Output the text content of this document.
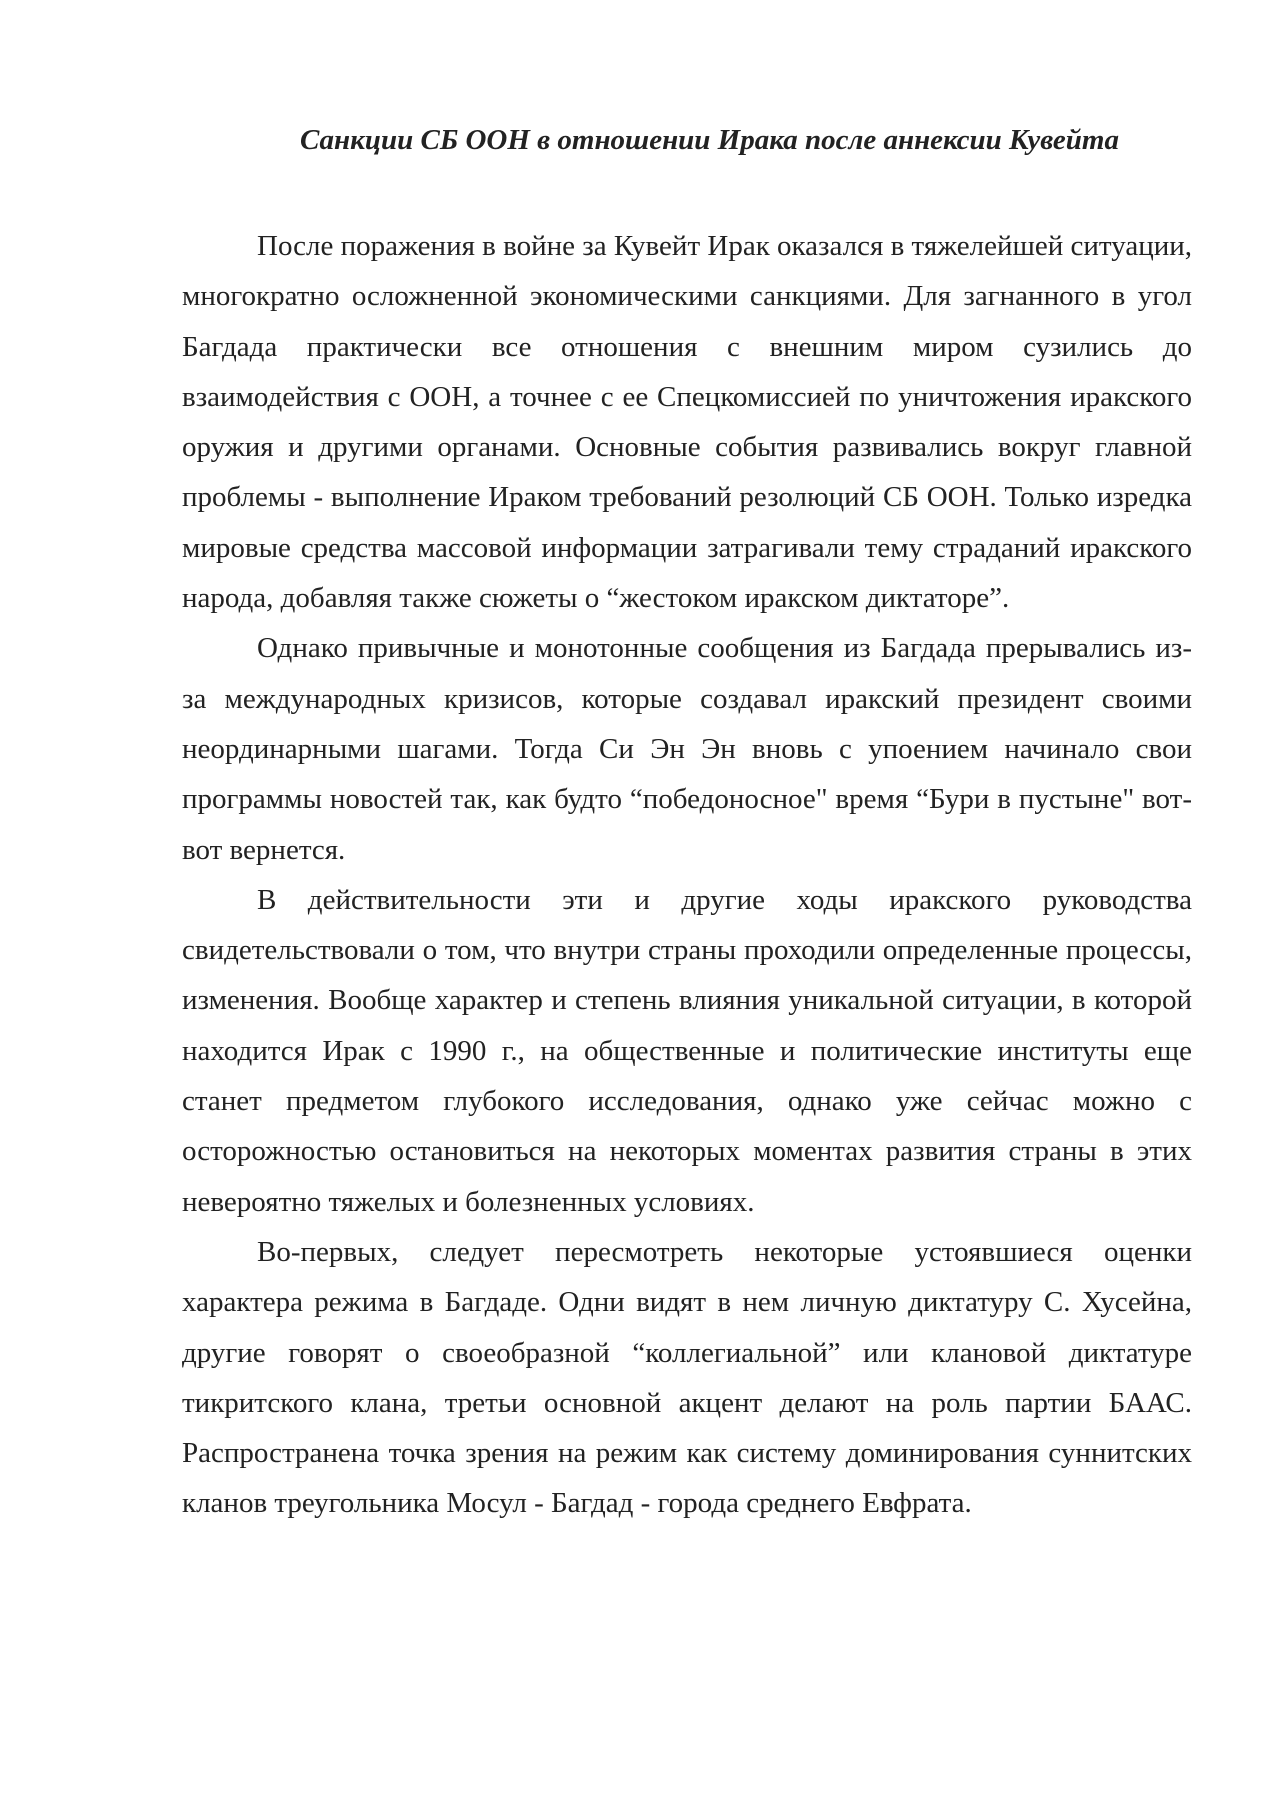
Санкции СБ ООН в отношении Ирака после аннексии Кувейта

После поражения в войне за Кувейт Ирак оказался в тяжелейшей ситуации, многократно осложненной экономическими санкциями. Для загнанного в угол Багдада практически все отношения с внешним миром сузились до взаимодействия с ООН, а точнее с ее Спецкомиссией по уничтожения иракского оружия и другими органами. Основные события развивались вокруг главной проблемы - выполнение Ираком требований резолюций СБ ООН. Только изредка мировые средства массовой информации затрагивали тему страданий иракского народа, добавляя также сюжеты о “жестоком иракском диктаторе”.

Однако привычные и монотонные сообщения из Багдада прерывались из-за международных кризисов, которые создавал иракский президент своими неординарными шагами. Тогда Си Эн Эн вновь с упоением начинало свои программы новостей так, как будто “победоносное" время “Бури в пустыне" вот-вот вернется.

В действительности эти и другие ходы иракского руководства свидетельствовали о том, что внутри страны проходили определенные процессы, изменения. Вообще характер и степень влияния уникальной ситуации, в которой находится Ирак с 1990 г., на общественные и политические институты еще станет предметом глубокого исследования, однако уже сейчас можно с осторожностью остановиться на некоторых моментах развития страны в этих невероятно тяжелых и болезненных условиях.

Во-первых, следует пересмотреть некоторые устоявшиеся оценки характера режима в Багдаде. Одни видят в нем личную диктатуру С. Хусейна, другие говорят о своеобразной “коллегиальной” или клановой диктатуре тикритского клана, третьи основной акцент делают на роль партии БААС. Распространена точка зрения на режим как систему доминирования суннитских кланов треугольника Мосул - Багдад - города среднего Евфрата.
